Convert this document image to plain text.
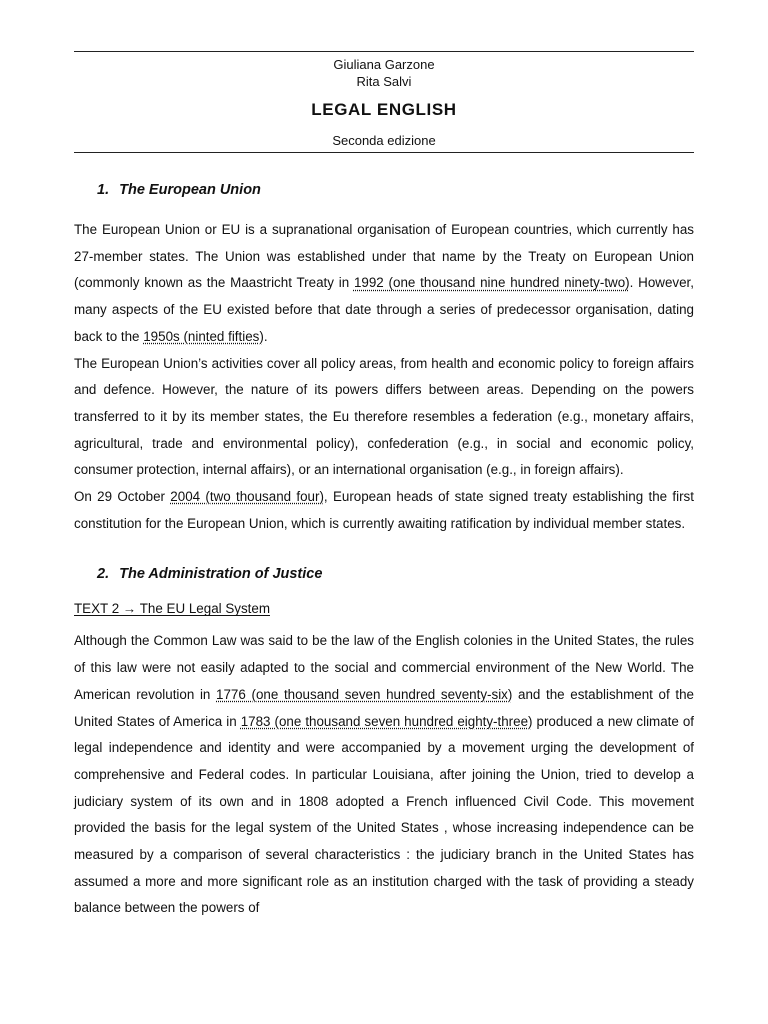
Giuliana Garzone
Rita Salvi
LEGAL ENGLISH
Seconda edizione
1. The European Union

The European Union or EU is a supranational organisation of European countries, which currently has 27-member states. The Union was established under that name by the Treaty on European Union (commonly known as the Maastricht Treaty in 1992 (one thousand nine hundred ninety-two). However, many aspects of the EU existed before that date through a series of predecessor organisation, dating back to the 1950s (ninted fifties).

The European Union’s activities cover all policy areas, from health and economic policy to foreign affairs and defence. However, the nature of its powers differs between areas. Depending on the powers transferred to it by its member states, the Eu therefore resembles a federation (e.g., monetary affairs, agricultural, trade and environmental policy), confederation (e.g., in social and economic policy, consumer protection, internal affairs), or an international organisation (e.g., in foreign affairs).

On 29 October 2004 (two thousand four), European heads of state signed treaty establishing the first constitution for the European Union, which is currently awaiting ratification by individual member states.

2. The Administration of Justice
TEXT 2 → The EU Legal System

Although the Common Law was said to be the law of the English colonies in the United States, the rules of this law were not easily adapted to the social and commercial environment of the New World. The American revolution in 1776 (one thousand seven hundred seventy-six) and the establishment of the United States of America in 1783 (one thousand seven hundred eighty-three) produced a new climate of legal independence and identity and were accompanied by a movement urging the development of comprehensive and Federal codes. In particular Louisiana, after joining the Union, tried to develop a judiciary system of its own and in 1808 adopted a French influenced Civil Code. This movement provided the basis for the legal system of the United States , whose increasing independence can be measured by a comparison of several characteristics : the judiciary branch in the United States has assumed a more and more significant role as an institution charged with the task of providing a steady balance between the powers of
